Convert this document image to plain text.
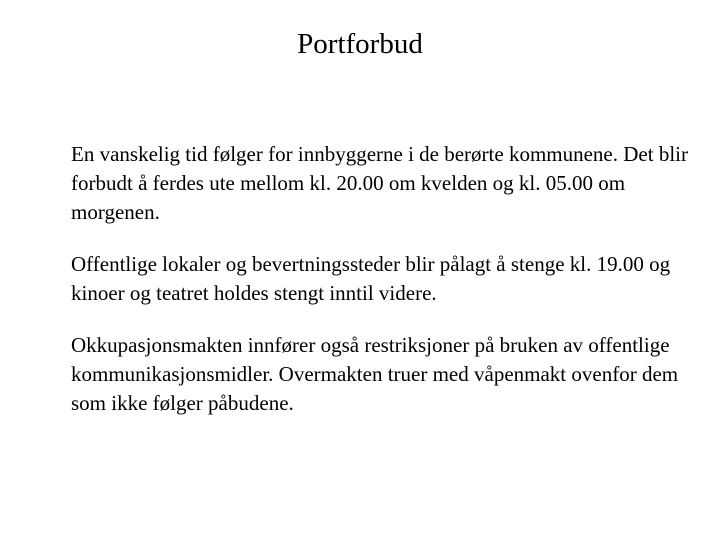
Portforbud

En vanskelig tid følger for innbyggerne i de berørte kommunene. Det blir forbudt å ferdes ute mellom kl. 20.00 om kvelden og kl. 05.00 om morgenen.

Offentlige lokaler og bevertningssteder blir pålagt å stenge kl. 19.00 og kinoer og teatret holdes stengt inntil videre.

Okkupasjonsmakten innfører også restriksjoner på bruken av offentlige kommunikasjonsmidler. Overmakten truer med våpenmakt ovenfor dem som ikke følger påbudene.
